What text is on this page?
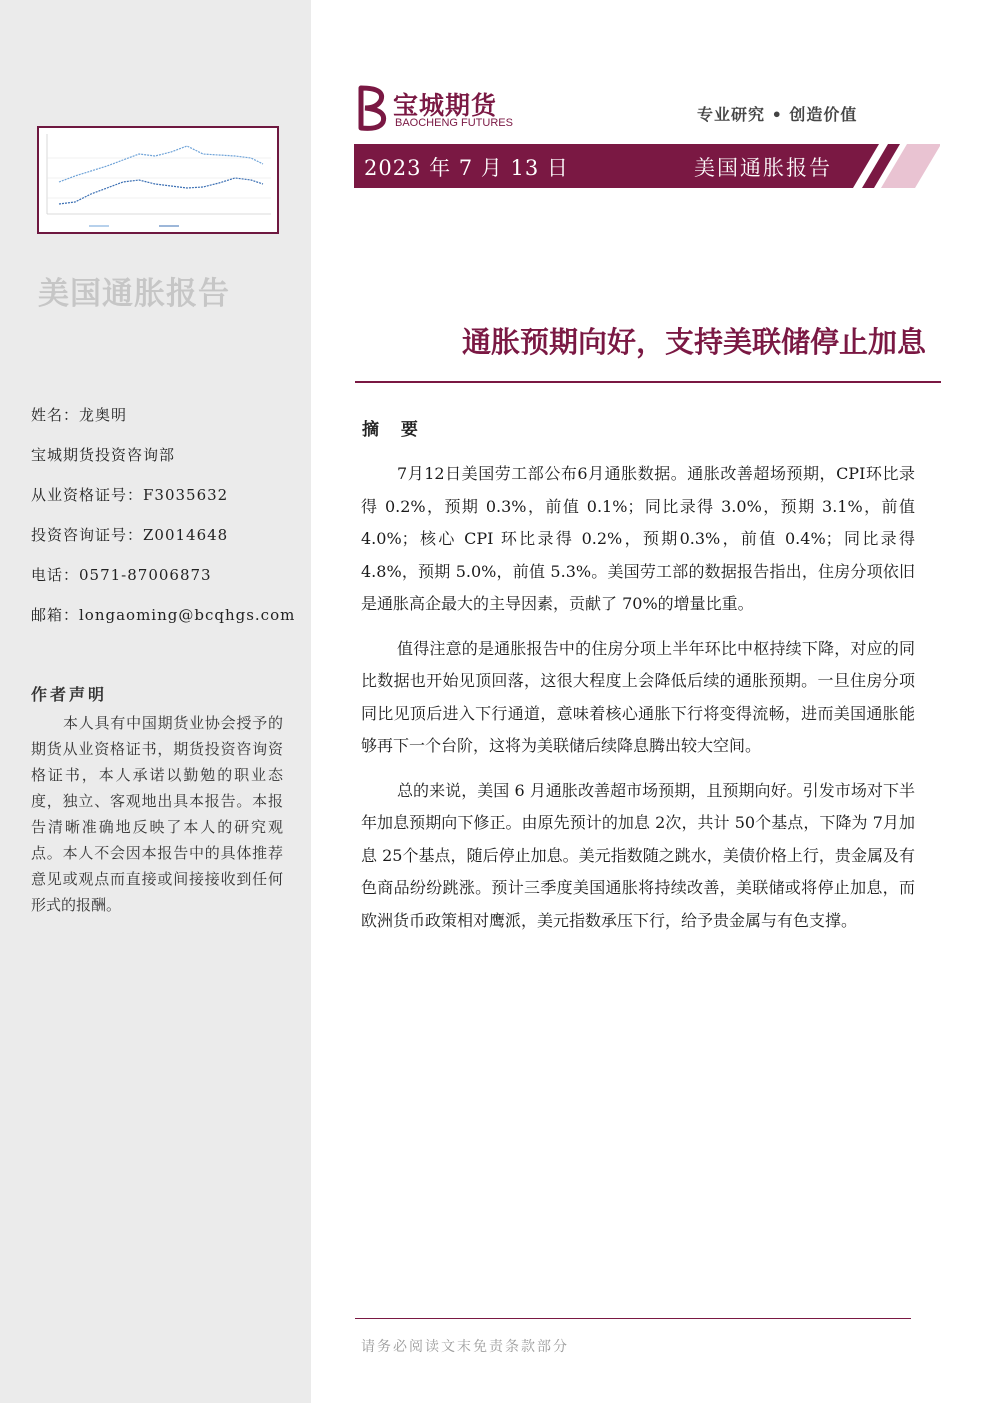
美国通胀报告
姓名：龙奥明
宝城期货投资咨询部
从业资格证号：F3035632
投资咨询证号：Z0014648
电话：0571-87006873
邮箱：longaoming@bcqhgs.com
作者声明
本人具有中国期货业协会授予的期货从业资格证书，期货投资咨询资格证书，本人承诺以勤勉的职业态度，独立、客观地出具本报告。本报告清晰准确地反映了本人的研究观点。本人不会因本报告中的具体推荐意见或观点而直接或间接接收到任何形式的报酬。
宝城期货
BAOCHENG FUTURES	专业研究 • 创造价值
2023 年 7 月 13 日	美国通胀报告
通胀预期向好，支持美联储停止加息
摘 要

7月12日美国劳工部公布6月通胀数据。通胀改善超场预期，CPI环比录得 0.2%，预期 0.3%，前值 0.1%；同比录得 3.0%，预期 3.1%，前值 4.0%；核心 CPI 环比录得 0.2%，预期0.3%，前值 0.4%；同比录得 4.8%，预期 5.0%，前值 5.3%。美国劳工部的数据报告指出，住房分项依旧是通胀高企最大的主导因素，贡献了 70%的增量比重。

值得注意的是通胀报告中的住房分项上半年环比中枢持续下降，对应的同比数据也开始见顶回落，这很大程度上会降低后续的通胀预期。一旦住房分项同比见顶后进入下行通道，意味着核心通胀下行将变得流畅，进而美国通胀能够再下一个台阶，这将为美联储后续降息腾出较大空间。

总的来说，美国 6 月通胀改善超市场预期，且预期向好。引发市场对下半年加息预期向下修正。由原先预计的加息 2次，共计 50个基点，下降为 7月加息 25个基点，随后停止加息。美元指数随之跳水，美债价格上行，贵金属及有色商品纷纷跳涨。预计三季度美国通胀将持续改善，美联储或将停止加息，而欧洲货币政策相对鹰派，美元指数承压下行，给予贵金属与有色支撑。

请务必阅读文末免责条款部分
